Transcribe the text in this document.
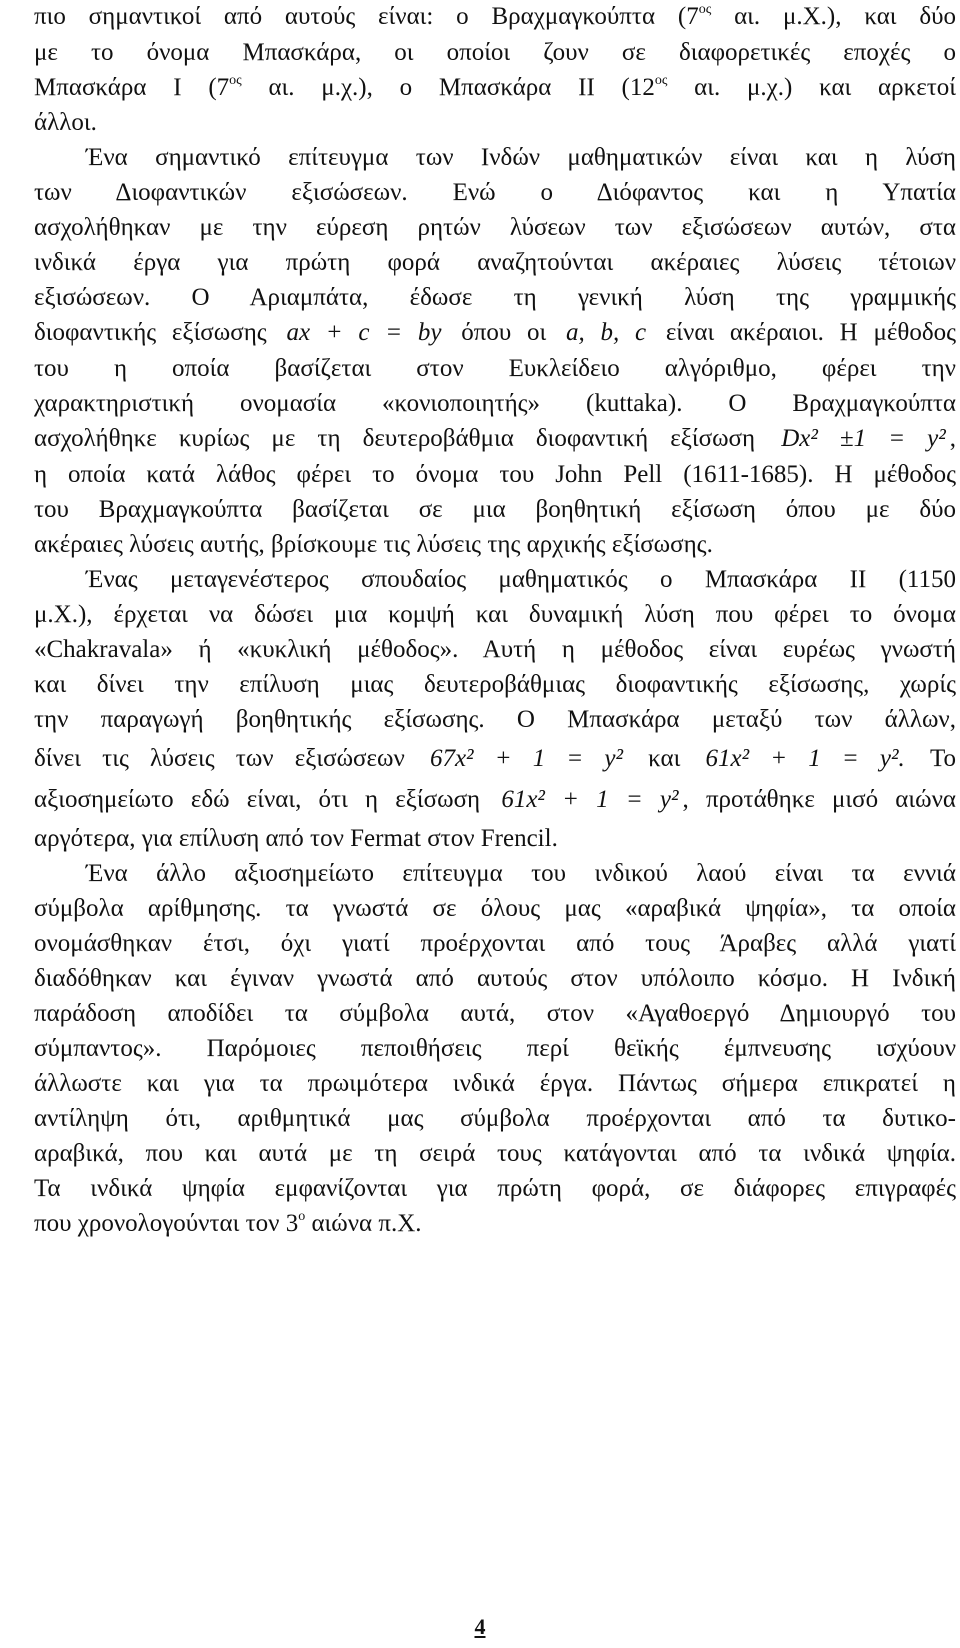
πιο σημαντικοί από αυτούς είναι: ο Βραχμαγκούπτα ($7^{o\varsigma}$ αι. μ.Χ.), και δύο
με το όνομα Μπασκάρα, οι οποίοι ζουν σε διαφορετικές εποχές ο
Μπασκάρα Ι ($7^{o\varsigma}$ αι. μ.χ.), ο Μπασκάρα ΙΙ ($12^{o\varsigma}$ αι. μ.χ.) και αρκετοί
άλλοι.
Ένα σημαντικό επίτευγμα των Ινδών μαθηματικών είναι και η λύση
των Διοφαντικών εξισώσεων. Ενώ ο Διόφαντος και η Υπατία
ασχολήθηκαν με την εύρεση ρητών λύσεων των εξισώσεων αυτών, στα
ινδικά έργα για πρώτη φορά αναζητούνται ακέραιες λύσεις τέτοιων
εξισώσεων. Ο Αριαμπάτα, έδωσε τη γενική λύση της γραμμικής
διοφαντικής εξίσωσης ax + c = by όπου οι a, b, c είναι ακέραιοι. Η μέθοδος
του η οποία βασίζεται στον Ευκλείδειο αλγόριθμο, φέρει την
χαρακτηριστική ονομασία «κονιοποιητής» (kuttaka). Ο Βραχμαγκούπτα
ασχολήθηκε κυρίως με τη δευτεροβάθμια διοφαντική εξίσωση Dx² ±1 = y² ,
η οποία κατά λάθος φέρει το όνομα του John Pell (1611-1685). Η μέθοδος
του Βραχμαγκούπτα βασίζεται σε μια βοηθητική εξίσωση όπου με δύο
ακέραιες λύσεις αυτής, βρίσκουμε τις λύσεις της αρχικής εξίσωσης.
Ένας μεταγενέστερος σπουδαίος μαθηματικός ο Μπασκάρα ΙΙ (1150
μ.Χ.), έρχεται να δώσει μια κομψή και δυναμική λύση που φέρει το όνομα
«Chakravala» ή «κυκλική μέθοδος». Αυτή η μέθοδος είναι ευρέως γνωστή
και δίνει την επίλυση μιας δευτεροβάθμιας διοφαντικής εξίσωσης, χωρίς
την παραγωγή βοηθητικής εξίσωσης. Ο Μπασκάρα μεταξύ των άλλων,
δίνει τις λύσεις των εξισώσεων 67x² + 1 = y² και 61x² + 1 = y². Το
αξιοσημείωτο εδώ είναι, ότι η εξίσωση 61x² + 1 = y² , προτάθηκε μισό αιώνα
αργότερα, για επίλυση από τον Fermat στον Frencil.
Ένα άλλο αξιοσημείωτο επίτευγμα του ινδικού λαού είναι τα εννιά
σύμβολα αρίθμησης. τα γνωστά σε όλους μας «αραβικά ψηφία», τα οποία
ονομάσθηκαν έτσι, όχι γιατί προέρχονται από τους Άραβες αλλά γιατί
διαδόθηκαν και έγιναν γνωστά από αυτούς στον υπόλοιπο κόσμο. Η Ινδική
παράδοση αποδίδει τα σύμβολα αυτά, στον «Αγαθοεργό Δημιουργό του
σύμπαντος». Παρόμοιες πεποιθήσεις περί θεϊκής έμπνευσης ισχύουν
άλλωστε και για τα πρωιμότερα ινδικά έργα. Πάντως σήμερα επικρατεί η
αντίληψη ότι, αριθμητικά μας σύμβολα προέρχονται από τα δυτικο-
αραβικά, που και αυτά με τη σειρά τους κατάγονται από τα ινδικά ψηφία.
Τα ινδικά ψηφία εμφανίζονται για πρώτη φορά, σε διάφορες επιγραφές
που χρονολογούνται τον $3^o$ αιώνα π.Χ.
4
